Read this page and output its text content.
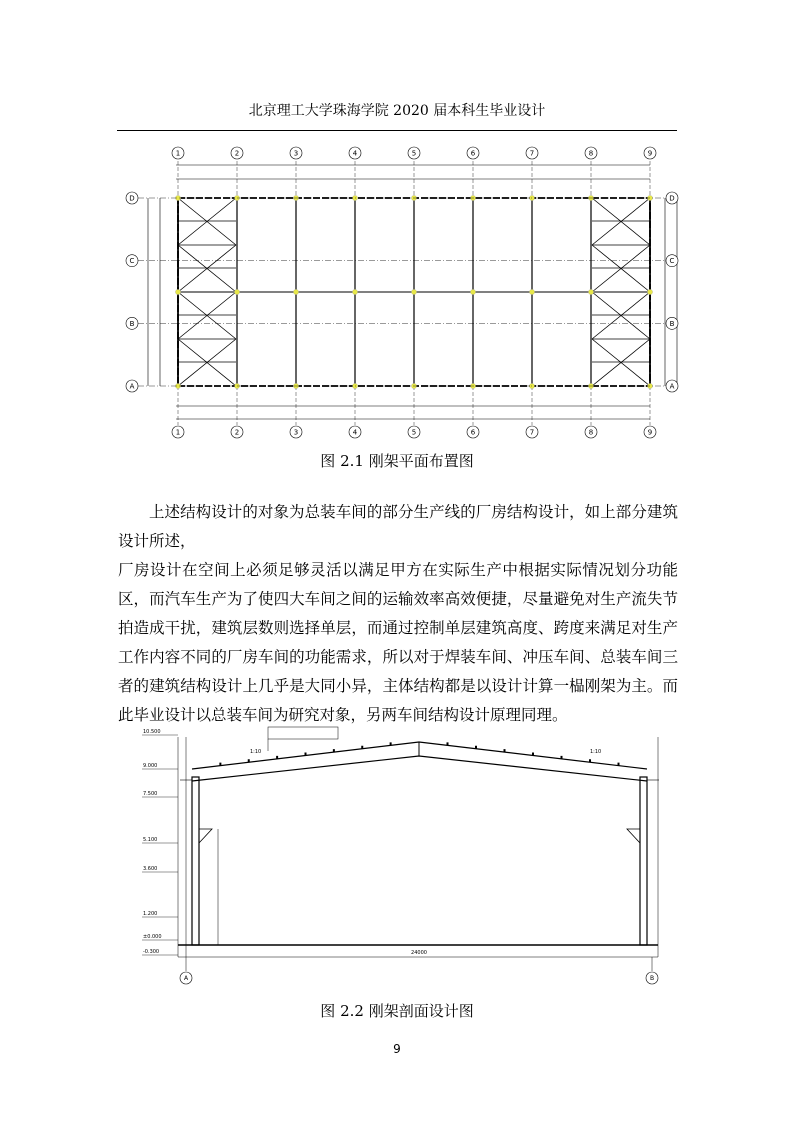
北京理工大学珠海学院 2020 届本科生毕业设计
1
1
2
2
3
3
4
4
5
5
6
6
7
7
8
8
9
9
D	D
C	C
B	B
A	A
图 2.1 刚架平面布置图

上述结构设计的对象为总装车间的部分生产线的厂房结构设计，如上部分建筑设计所述，

厂房设计在空间上必须足够灵活以满足甲方在实际生产中根据实际情况划分功能区，而汽车生产为了使四大车间之间的运输效率高效便捷，尽量避免对生产流失节拍造成干扰，建筑层数则选择单层，而通过控制单层建筑高度、跨度来满足对生产工作内容不同的厂房车间的功能需求，所以对于焊装车间、冲压车间、总装车间三者的建筑结构设计上几乎是大同小异，主体结构都是以设计计算一榀刚架为主。而此毕业设计以总装车间为研究对象，另两车间结构设计原理同理。

10.500
9.000
7.500
5.100
3.600
1.200
±0.000
-0.300
1:10	1:10
24000
A	B
图 2.2 刚架剖面设计图
9
